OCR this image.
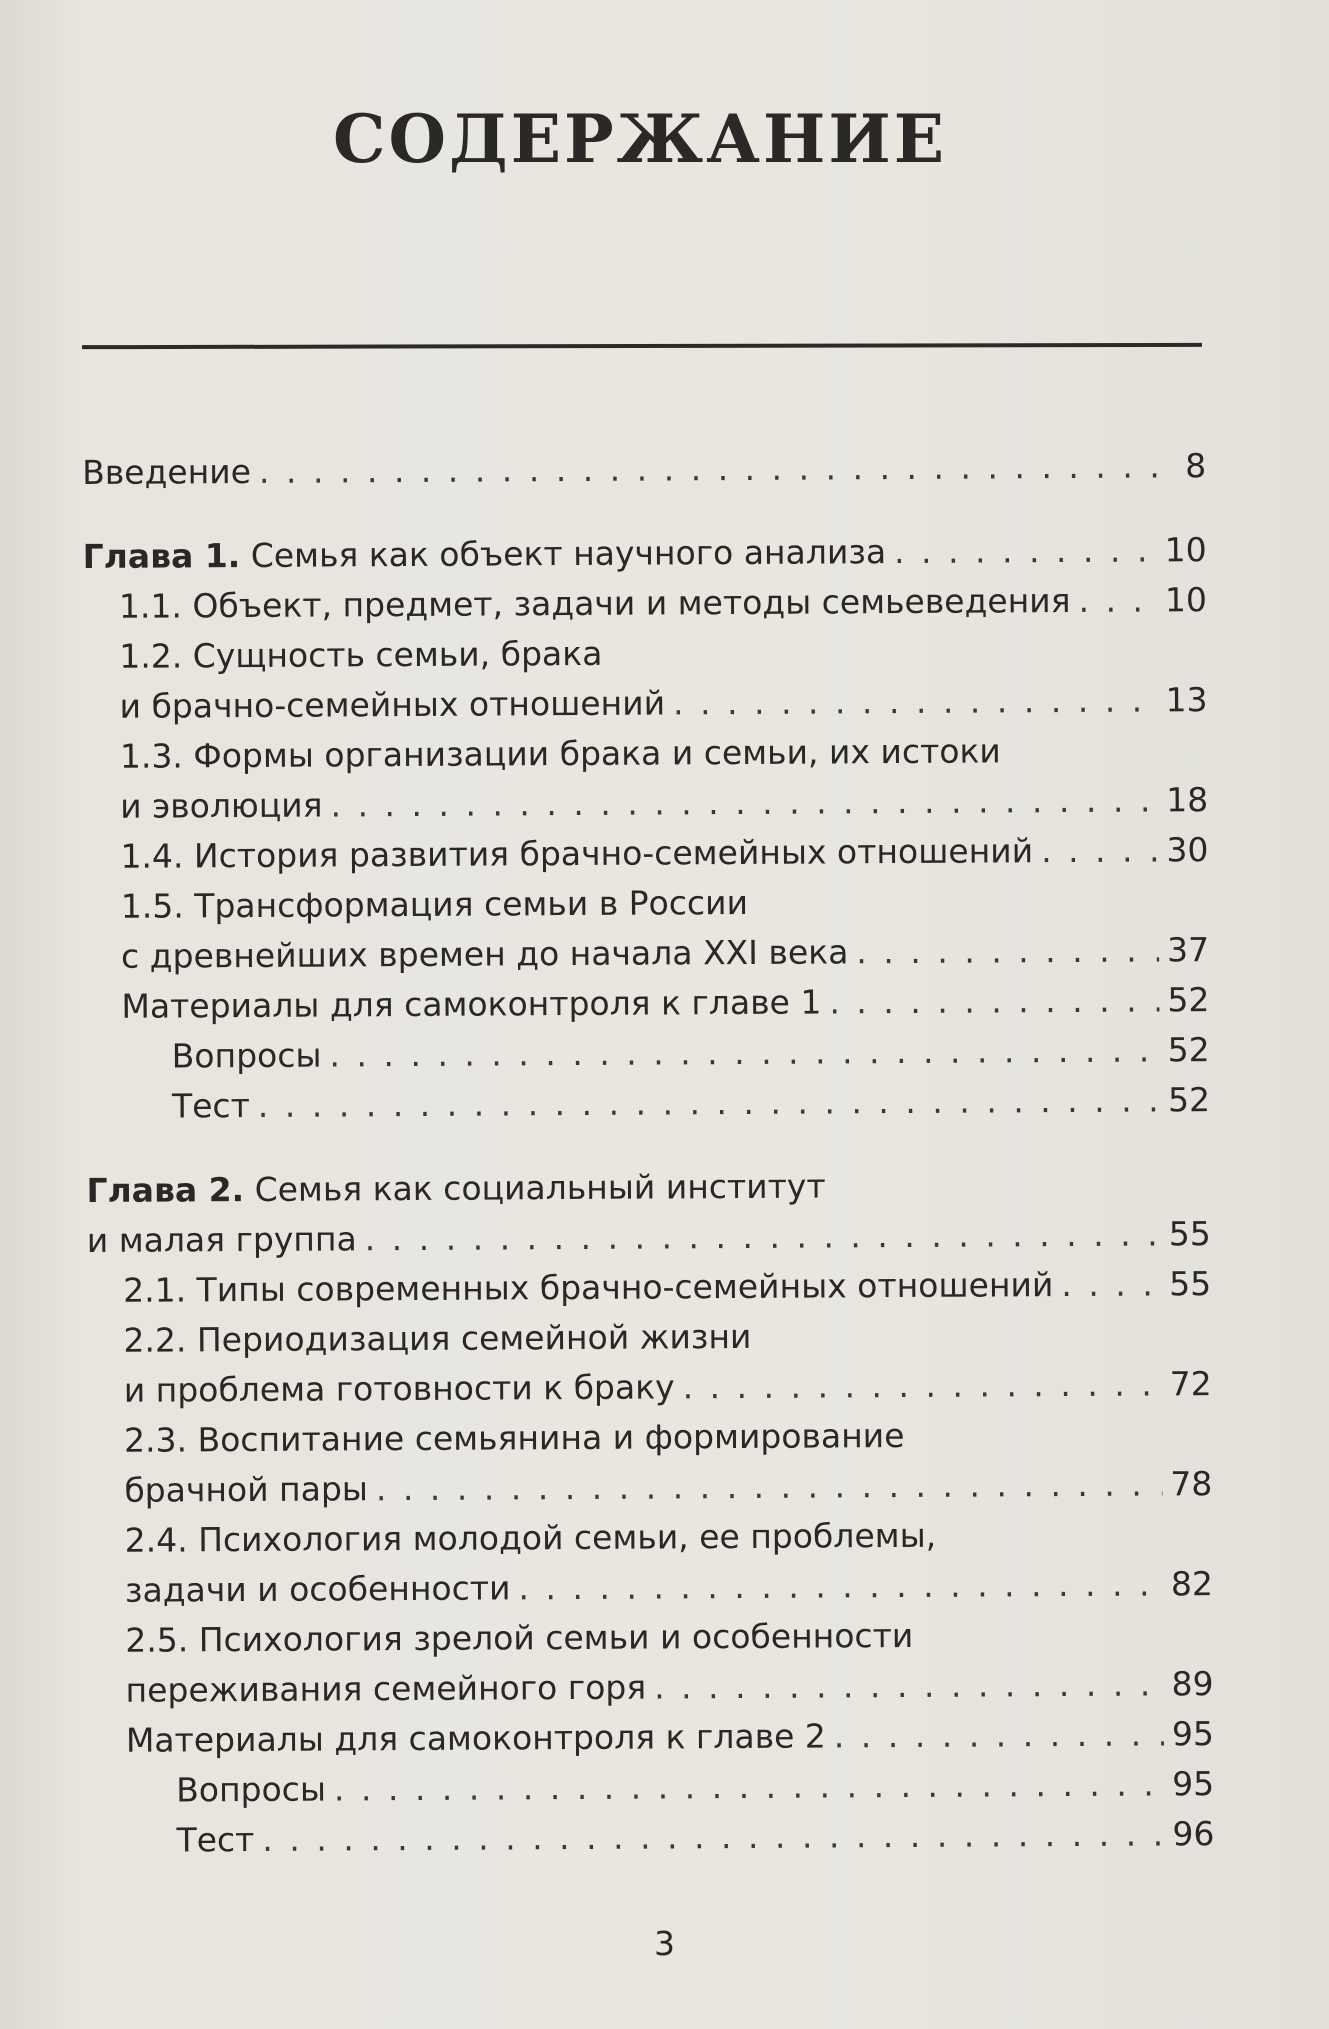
СОДЕРЖАНИЕ
Введение . . .	8
Глава 1. Семья как объект научного анализа . . .	10
1.1. Объект, предмет, задачи и методы семьеведения . . .	10
1.2. Сущность семьи, брака
и брачно-семейных отношений . . .	13
1.3. Формы организации брака и семьи, их истоки
и эволюция . . .	18
1.4. История развития брачно-семейных отношений . . .	30
1.5. Трансформация семьи в России
с древнейших времен до начала XXI века . . .	37
Материалы для самоконтроля к главе 1 . . .	52
Вопросы . . .	52
Тест . . .	52
Глава 2. Семья как социальный институт
и малая группа . . .	55
2.1. Типы современных брачно-семейных отношений . . .	55
2.2. Периодизация семейной жизни
и проблема готовности к браку . . .	72
2.3. Воспитание семьянина и формирование
брачной пары . . .	78
2.4. Психология молодой семьи, ее проблемы,
задачи и особенности . . .	82
2.5. Психология зрелой семьи и особенности
переживания семейного горя . . .	89
Материалы для самоконтроля к главе 2 . . .	95
Вопросы . . .	95
Тест . . .	96
3
